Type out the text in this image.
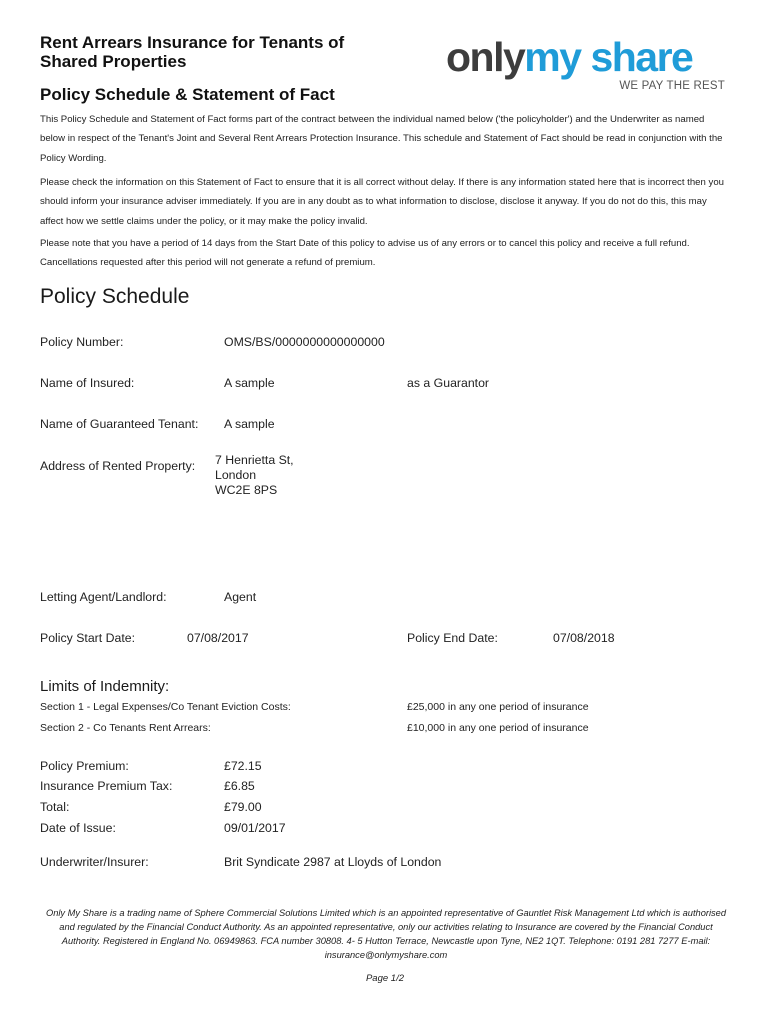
Rent Arrears Insurance for Tenants of
Shared Properties	onlymy share
WE PAY THE REST
Policy Schedule & Statement of Fact
This Policy Schedule and Statement of Fact forms part of the contract between the individual named below ('the policyholder') and the Underwriter as named below in respect of the Tenant's Joint and Several Rent Arrears Protection Insurance. This schedule and Statement of Fact should be read in conjunction with the Policy Wording.
Please check the information on this Statement of Fact to ensure that it is all correct without delay. If there is any information stated here that is incorrect then you should inform your insurance adviser immediately. If you are in any doubt as to what information to disclose, disclose it anyway. If you do not do this, this may affect how we settle claims under the policy, or it may make the policy invalid.
Please note that you have a period of 14 days from the Start Date of this policy to advise us of any errors or to cancel this policy and receive a full refund. Cancellations requested after this period will not generate a refund of premium.
Policy Schedule
Policy Number:	OMS/BS/0000000000000000
Name of Insured:	A sample	as a Guarantor
Name of Guaranteed Tenant: A sample
Address of Rented Property: 7 Henrietta St,
London
WC2E 8PS
Letting Agent/Landlord:	Agent
Policy Start Date:	07/08/2017	Policy End Date:	07/08/2018
Limits of Indemnity:
Section 1 - Legal Expenses/Co Tenant Eviction Costs:	£25,000 in any one period of insurance
Section 2 - Co Tenants Rent Arrears:	£10,000 in any one period of insurance
Policy Premium:	£72.15
Insurance Premium Tax:	£6.85
Total:	£79.00
Date of Issue:	09/01/2017
Underwriter/Insurer:	Brit Syndicate 2987 at Lloyds of London
Only My Share is a trading name of Sphere Commercial Solutions Limited which is an appointed representative of Gauntlet Risk Management Ltd which is authorised and regulated by the Financial Conduct Authority. As an appointed representative, only our activities relating to Insurance are covered by the Financial Conduct Authority. Registered in England No. 06949863. FCA number 30808. 4- 5 Hutton Terrace, Newcastle upon Tyne, NE2 1QT. Telephone: 0191 281 7277 E-mail: insurance@onlymyshare.com
Page 1/2
